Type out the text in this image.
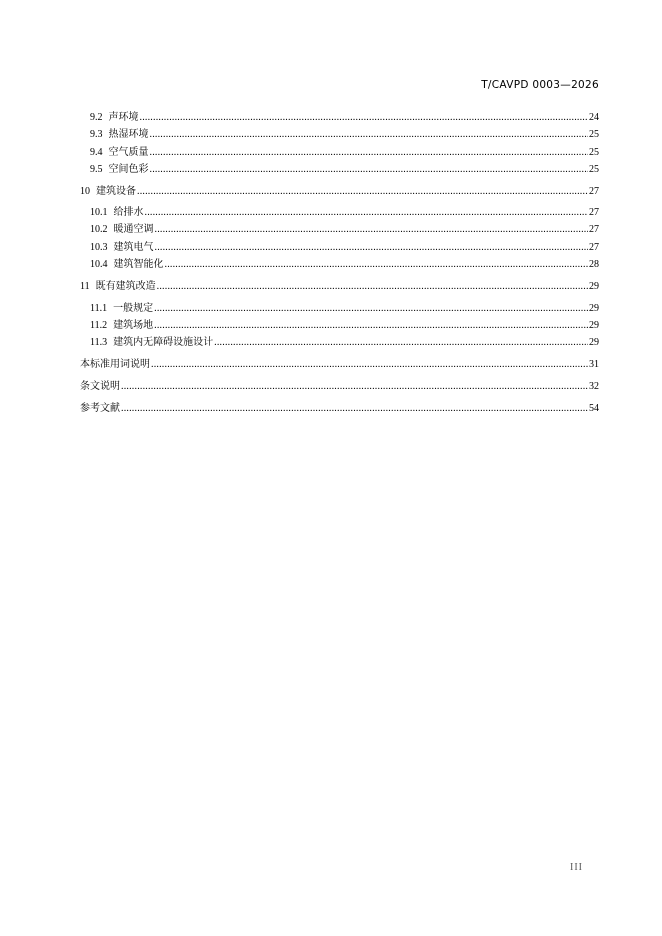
T/CAVPD 0003—2026
9.2 声环境 .....	24
9.3 热湿环境 .....	25
9.4 空气质量 .....	25
9.5 空间色彩 .....	25
10 建筑设备 .....	27
10.1 给排水 .....	27
10.2 暖通空调 .....	27
10.3 建筑电气 .....	27
10.4 建筑智能化 .....	28
11 既有建筑改造 .....	29
11.1 一般规定 .....	29
11.2 建筑场地 .....	29
11.3 建筑内无障碍设施设计 .....	29
本标准用词说明 .....	31
条文说明 .....	32
参考文献 .....	54
III
